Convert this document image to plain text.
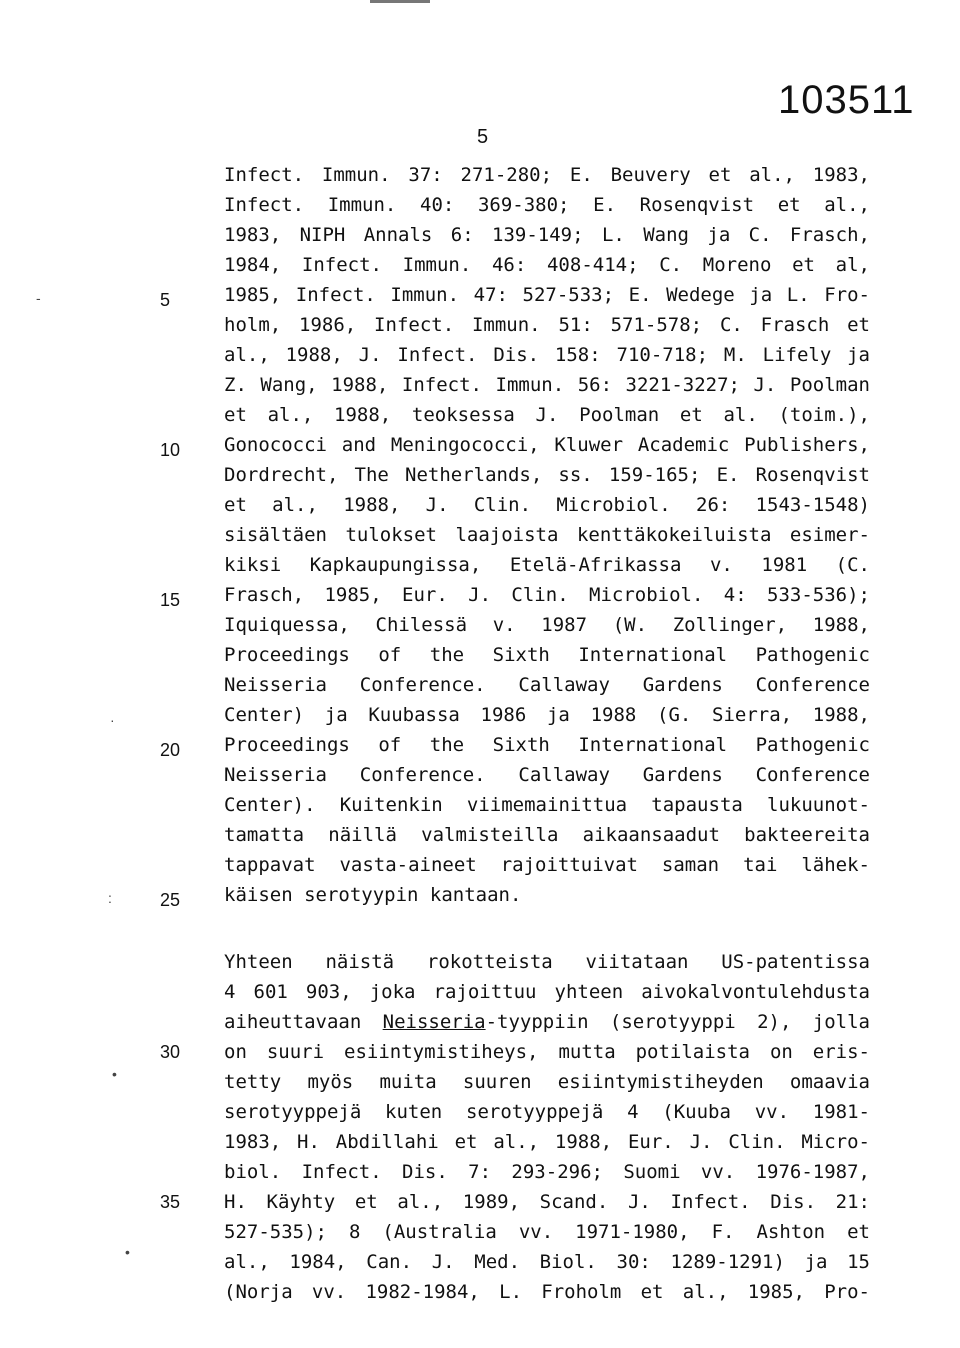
103511
5
-
·
:
•
•
5
10
15
20
25
30
35
Infect. Immun. 37: 271-280; E. Beuvery et al., 1983,
Infect. Immun. 40: 369-380; E. Rosenqvist et al.,
1983, NIPH Annals 6: 139-149; L. Wang ja C. Frasch,
1984, Infect. Immun. 46: 408-414; C. Moreno et al,
1985, Infect. Immun. 47: 527-533; E. Wedege ja L. Fro-
holm, 1986, Infect. Immun. 51: 571-578; C. Frasch et
al., 1988, J. Infect. Dis. 158: 710-718; M. Lifely ja
Z. Wang, 1988, Infect. Immun. 56: 3221-3227; J. Poolman
et al., 1988, teoksessa J. Poolman et al. (toim.),
Gonococci and Meningococci, Kluwer Academic Publishers,
Dordrecht, The Netherlands, ss. 159-165; E. Rosenqvist
et al., 1988, J. Clin. Microbiol. 26: 1543-1548)
sisältäen tulokset laajoista kenttäkokeiluista esimer-
kiksi Kapkaupungissa, Etelä-Afrikassa v. 1981 (C.
Frasch, 1985, Eur. J. Clin. Microbiol. 4: 533-536);
Iquiquessa, Chilessä v. 1987 (W. Zollinger, 1988,
Proceedings of the Sixth International Pathogenic
Neisseria Conference. Callaway Gardens Conference
Center) ja Kuubassa 1986 ja 1988 (G. Sierra, 1988,
Proceedings of the Sixth International Pathogenic
Neisseria Conference. Callaway Gardens Conference
Center). Kuitenkin viimemainittua tapausta lukuunot-
tamatta näillä valmisteilla aikaansaadut bakteereita
tappavat vasta-aineet rajoittuivat saman tai lähek-
käisen serotyypin kantaan.
Yhteen näistä rokotteista viitataan US-patentissa
4 601 903, joka rajoittuu yhteen aivokalvontulehdusta
aiheuttavaan Neisseria-tyyppiin (serotyyppi 2), jolla
on suuri esiintymistiheys, mutta potilaista on eris-
tetty myös muita suuren esiintymistiheyden omaavia
serotyyppejä kuten serotyyppejä 4 (Kuuba vv. 1981-
1983, H. Abdillahi et al., 1988, Eur. J. Clin. Micro-
biol. Infect. Dis. 7: 293-296; Suomi vv. 1976-1987,
H. Käyhty et al., 1989, Scand. J. Infect. Dis. 21:
527-535); 8 (Australia vv. 1971-1980, F. Ashton et
al., 1984, Can. J. Med. Biol. 30: 1289-1291) ja 15
(Norja vv. 1982-1984, L. Froholm et al., 1985, Pro-
